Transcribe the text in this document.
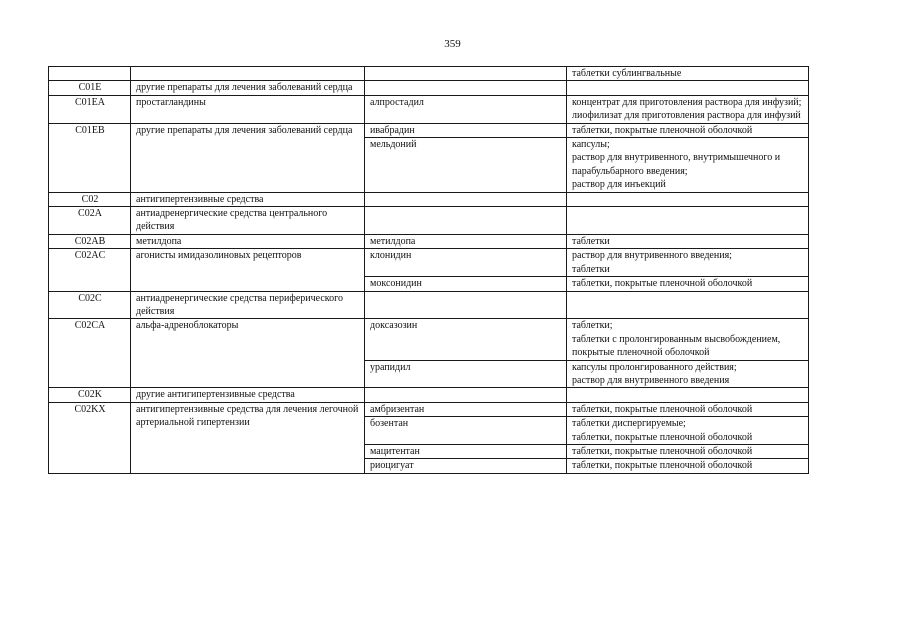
359
			таблетки сублингвальные
C01E	другие препараты для лечения заболеваний сердца		
C01EA	простагландины	алпростадил	концентрат для приготовления раствора для инфузий;
лиофилизат для приготовления раствора для инфузий
C01EB	другие препараты для лечения заболеваний сердца	ивабрадин	таблетки, покрытые пленочной оболочкой
		мельдоний	капсулы;
раствор для внутривенного, внутримышечного и парабульбарного введения;
раствор для инъекций
C02	антигипертензивные средства		
C02A	антиадренергические средства центрального действия		
C02AB	метилдопа	метилдопа	таблетки
C02AC	агонисты имидазолиновых рецепторов	клонидин	раствор для внутривенного введения;
таблетки
		моксонидин	таблетки, покрытые пленочной оболочкой
C02C	антиадренергические средства периферического действия		
C02CA	альфа-адреноблокаторы	доксазозин	таблетки;
таблетки с пролонгированным высвобождением, покрытые пленочной оболочкой
		урапидил	капсулы пролонгированного действия;
раствор для внутривенного введения
C02K	другие антигипертензивные средства		
C02KX	антигипертензивные средства для лечения легочной артериальной гипертензии	амбризентан	таблетки, покрытые пленочной оболочкой
		бозентан	таблетки диспергируемые;
таблетки, покрытые пленочной оболочкой
		мацитентан	таблетки, покрытые пленочной оболочкой
		риоцигуат	таблетки, покрытые пленочной оболочкой
